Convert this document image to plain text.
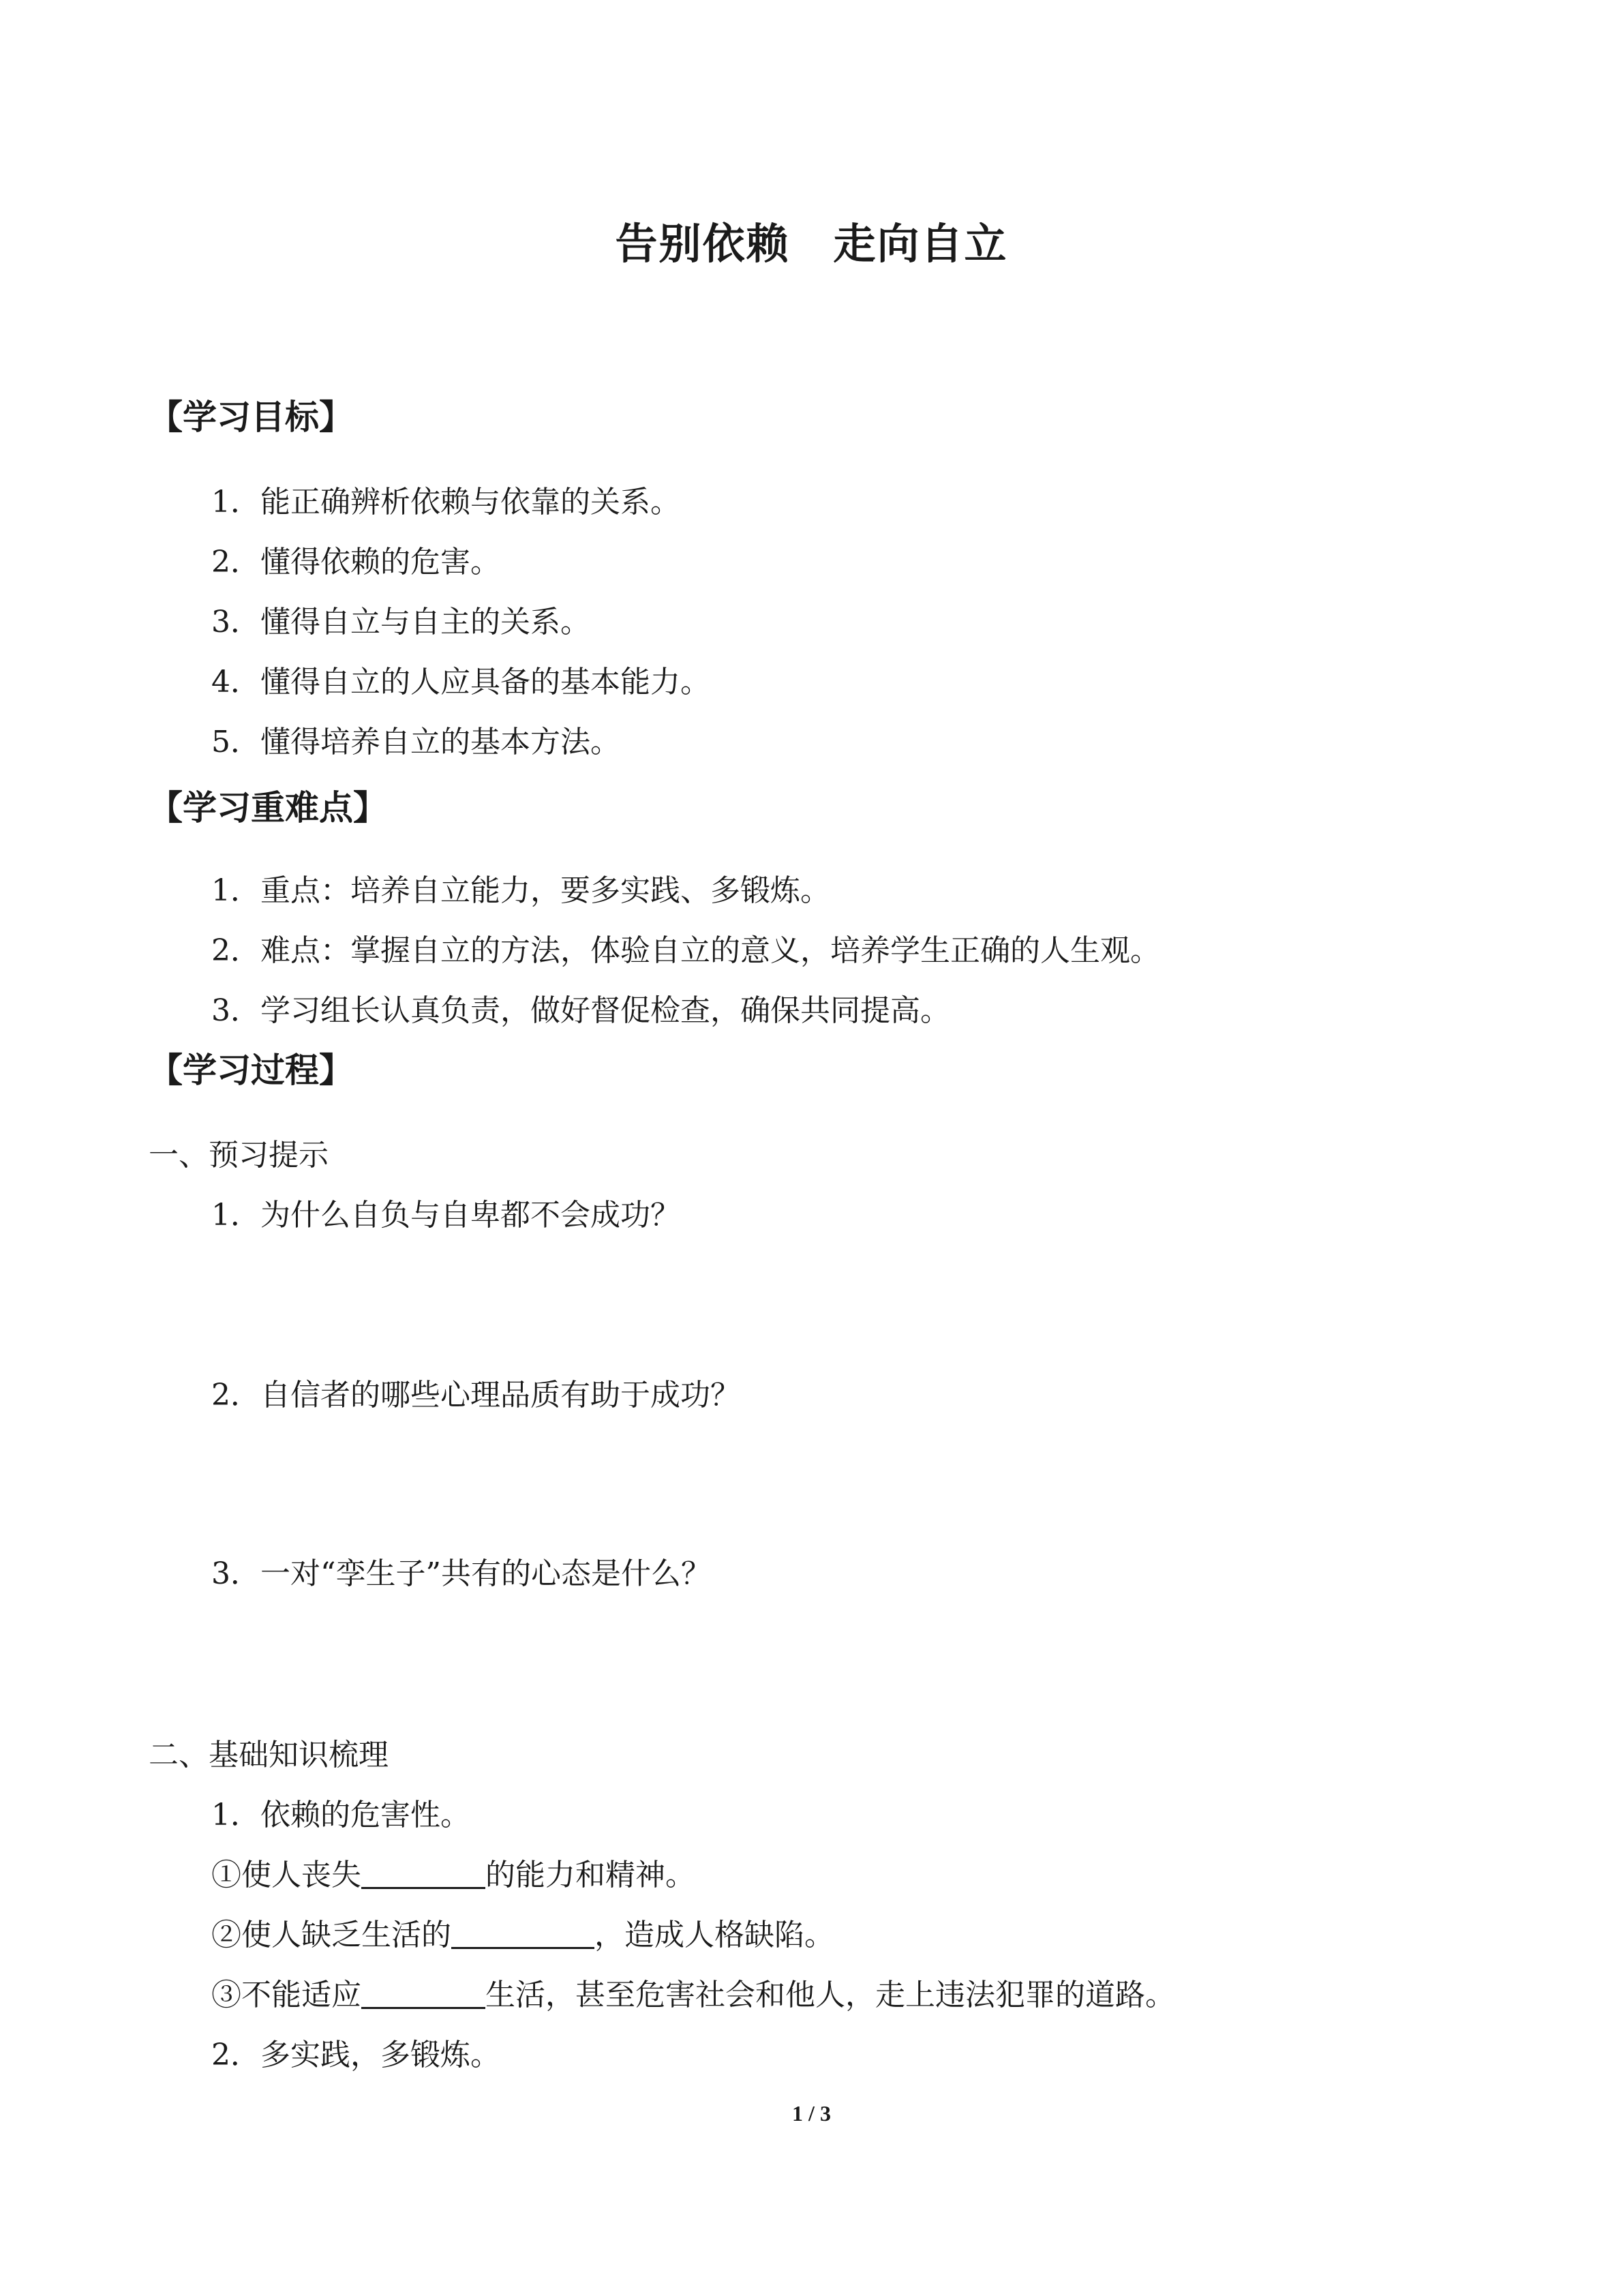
告别依赖　走向自立
【学习目标】
1．能正确辨析依赖与依靠的关系。
2．懂得依赖的危害。
3．懂得自立与自主的关系。
4．懂得自立的人应具备的基本能力。
5．懂得培养自立的基本方法。
【学习重难点】
1．重点：培养自立能力，要多实践、多锻炼。
2．难点：掌握自立的方法，体验自立的意义，培养学生正确的人生观。
3．学习组长认真负责，做好督促检查，确保共同提高。
【学习过程】
一、预习提示
1．为什么自负与自卑都不会成功？
2．自信者的哪些心理品质有助于成功？
3．一对“孪生子”共有的心态是什么？
二、基础知识梳理
1．依赖的危害性。
①使人丧失	的能力和精神。
②使人缺乏生活的	，造成人格缺陷。
③不能适应	生活，甚至危害社会和他人，走上违法犯罪的道路。
2．多实践，多锻炼。
1 / 3
